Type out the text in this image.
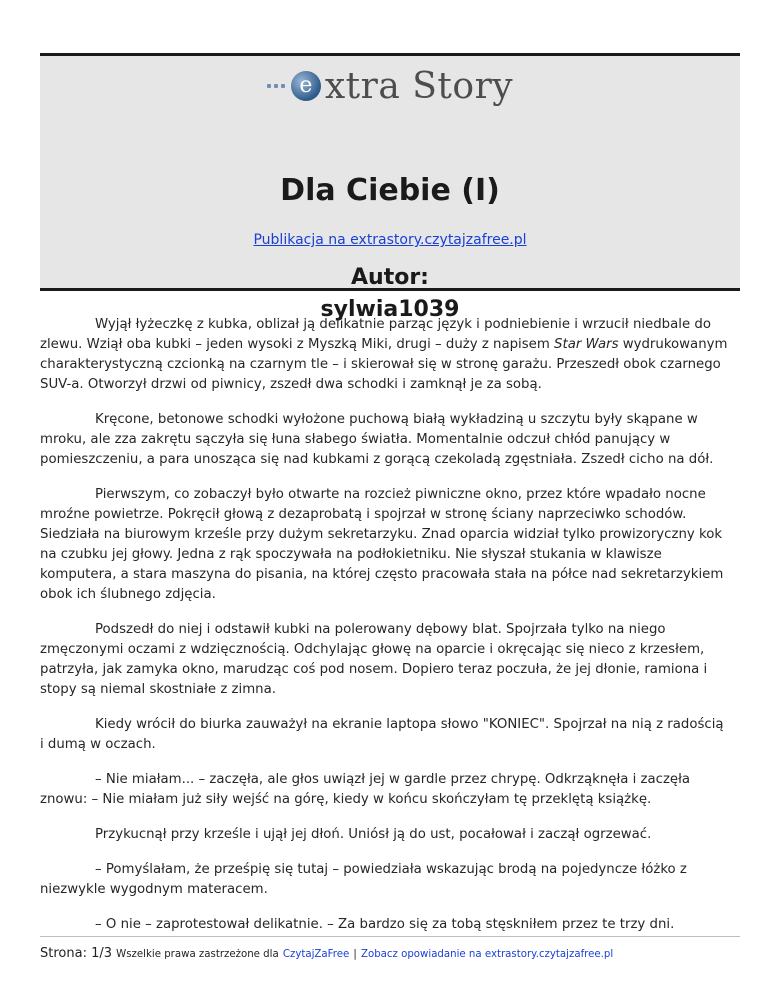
e xtra Story
Dla Ciebie (I)
Publikacja na extrastory.czytajzafree.pl
Autor:
sylwia1039

Wyjął łyżeczkę z kubka, oblizał ją delikatnie parząc język i podniebienie i wrzucił niedbale do zlewu. Wziął oba kubki – jeden wysoki z Myszką Miki, drugi – duży z napisem Star Wars wydrukowanym charakterystyczną czcionką na czarnym tle – i skierował się w stronę garażu. Przeszedł obok czarnego SUV-a. Otworzył drzwi od piwnicy, zszedł dwa schodki i zamknął je za sobą.

Kręcone, betonowe schodki wyłożone puchową białą wykładziną u szczytu były skąpane w mroku, ale zza zakrętu sączyła się łuna słabego światła. Momentalnie odczuł chłód panujący w pomieszczeniu, a para unosząca się nad kubkami z gorącą czekoladą zgęstniała. Zszedł cicho na dół.

Pierwszym, co zobaczył było otwarte na rozcież piwniczne okno, przez które wpadało nocne mroźne powietrze. Pokręcił głową z dezaprobatą i spojrzał w stronę ściany naprzeciwko schodów. Siedziała na biurowym krześle przy dużym sekretarzyku. Znad oparcia widział tylko prowizoryczny kok na czubku jej głowy. Jedna z rąk spoczywała na podłokietniku. Nie słyszał stukania w klawisze komputera, a stara maszyna do pisania, na której często pracowała stała na półce nad sekretarzykiem obok ich ślubnego zdjęcia.

Podszedł do niej i odstawił kubki na polerowany dębowy blat. Spojrzała tylko na niego zmęczonymi oczami z wdzięcznością. Odchylając głowę na oparcie i okręcając się nieco z krzesłem, patrzyła, jak zamyka okno, marudząc coś pod nosem. Dopiero teraz poczuła, że jej dłonie, ramiona i stopy są niemal skostniałe z zimna.

Kiedy wrócił do biurka zauważył na ekranie laptopa słowo "KONIEC". Spojrzał na nią z radością i dumą w oczach.

– Nie miałam... – zaczęła, ale głos uwiązł jej w gardle przez chrypę. Odkrząknęła i zaczęła znowu: – Nie miałam już siły wejść na górę, kiedy w końcu skończyłam tę przeklętą książkę.

Przykucnął przy krześle i ujął jej dłoń. Uniósł ją do ust, pocałował i zaczął ogrzewać.

– Pomyślałam, że prześpię się tutaj – powiedziała wskazując brodą na pojedyncze łóżko z niezwykle wygodnym materacem.

– O nie – zaprotestował delikatnie. – Za bardzo się za tobą stęskniłem przez te trzy dni.

Strona: 1/3 Wszelkie prawa zastrzeżone dla CzytajZaFree | Zobacz opowiadanie na extrastory.czytajzafree.pl
